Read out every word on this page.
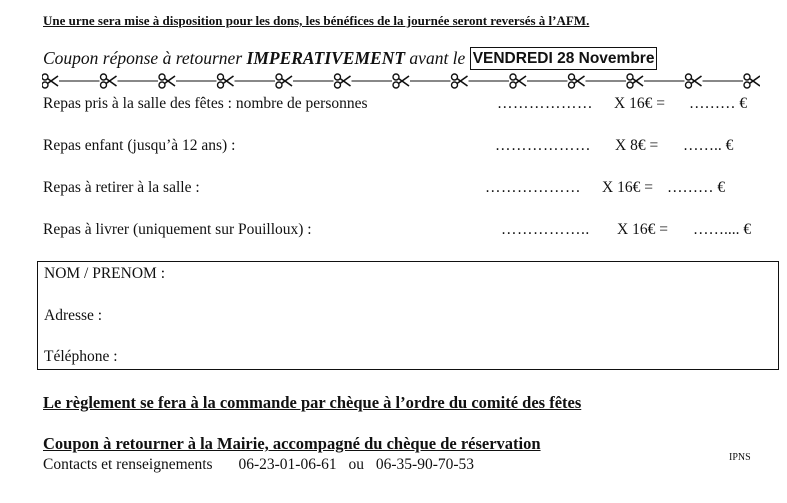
Une urne sera mise à disposition pour les dons, les bénéfices de la journée seront reversés à l’AFM.
Coupon réponse à retourner IMPERATIVEMENT avant le VENDREDI 28 Novembre
Repas pris à la salle des fêtes : nombre de personnes	……………… X 16€ = ……… €
Repas enfant (jusqu’à 12 ans) :	……………… X 8€ = …….. €
Repas à retirer à la salle :	……………… X 16€ = ……… €
Repas à livrer (uniquement sur Pouilloux) :	…………….. X 16€ = …….... €
NOM / PRENOM :
Adresse :
Téléphone :
Le règlement se fera à la commande par chèque à l’ordre du comité des fêtes
Coupon à retourner à la Mairie, accompagné du chèque de réservation
Contacts et renseignements 06-23-01-06-61 ou 06-35-90-70-53	IPNS
